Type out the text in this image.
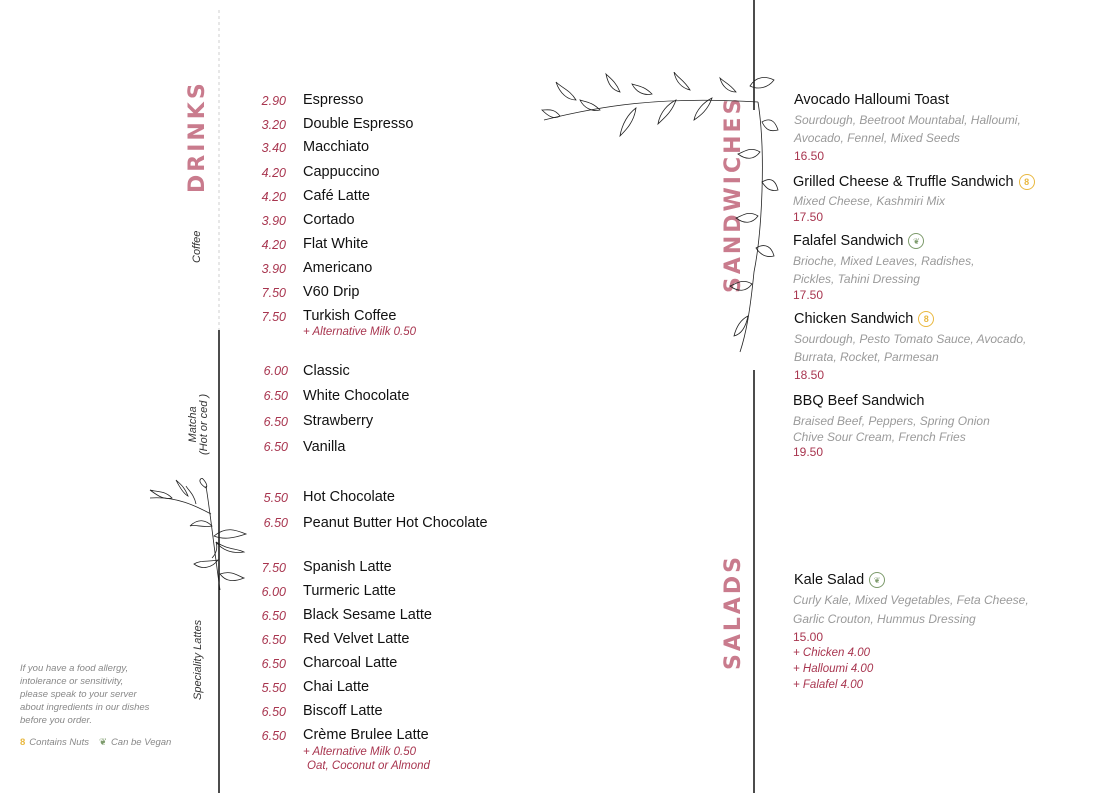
DRINKS	SANDWICHES
SALADS
Coffee
Matcha (Hot or ced )
Speciality Lattes
2.90 Espresso
3.20 Double Espresso
3.40 Macchiato
4.20 Cappuccino
4.20 Café Latte
3.90 Cortado
4.20 Flat White
3.90 Americano
7.50 V60 Drip
7.50 Turkish Coffee
+ Alternative Milk 0.50
6.00 Classic
6.50 White Chocolate
6.50 Strawberry
6.50 Vanilla
5.50 Hot Chocolate
6.50 Peanut Butter Hot Chocolate
7.50 Spanish Latte
6.00 Turmeric Latte
6.50 Black Sesame Latte
6.50 Red Velvet Latte
6.50 Charcoal Latte
5.50 Chai Latte
6.50 Biscoff Latte
6.50 Crème Brulee Latte
+ Alternative Milk 0.50
Oat, Coconut or Almond
If you have a food allergy,
intolerance or sensitivity,
please speak to your server
about ingredients in our dishes
before you order.
8 Contains Nuts ❦ Can be Vegan
Avocado Halloumi Toast
Sourdough, Beetroot Mountabal, Halloumi,
Avocado, Fennel, Mixed Seeds
16.50
Grilled Cheese & Truffle Sandwich	8
Mixed Cheese, Kashmiri Mix
17.50
Falafel Sandwich	❦
Brioche, Mixed Leaves, Radishes,
Pickles, Tahini Dressing
17.50
Chicken Sandwich	8
Sourdough, Pesto Tomato Sauce, Avocado,
Burrata, Rocket, Parmesan
18.50
BBQ Beef Sandwich
Braised Beef, Peppers, Spring Onion
Chive Sour Cream, French Fries
19.50
Kale Salad	❦
Curly Kale, Mixed Vegetables, Feta Cheese,
Garlic Crouton, Hummus Dressing
15.00
+ Chicken 4.00
+ Halloumi 4.00
+ Falafel 4.00
